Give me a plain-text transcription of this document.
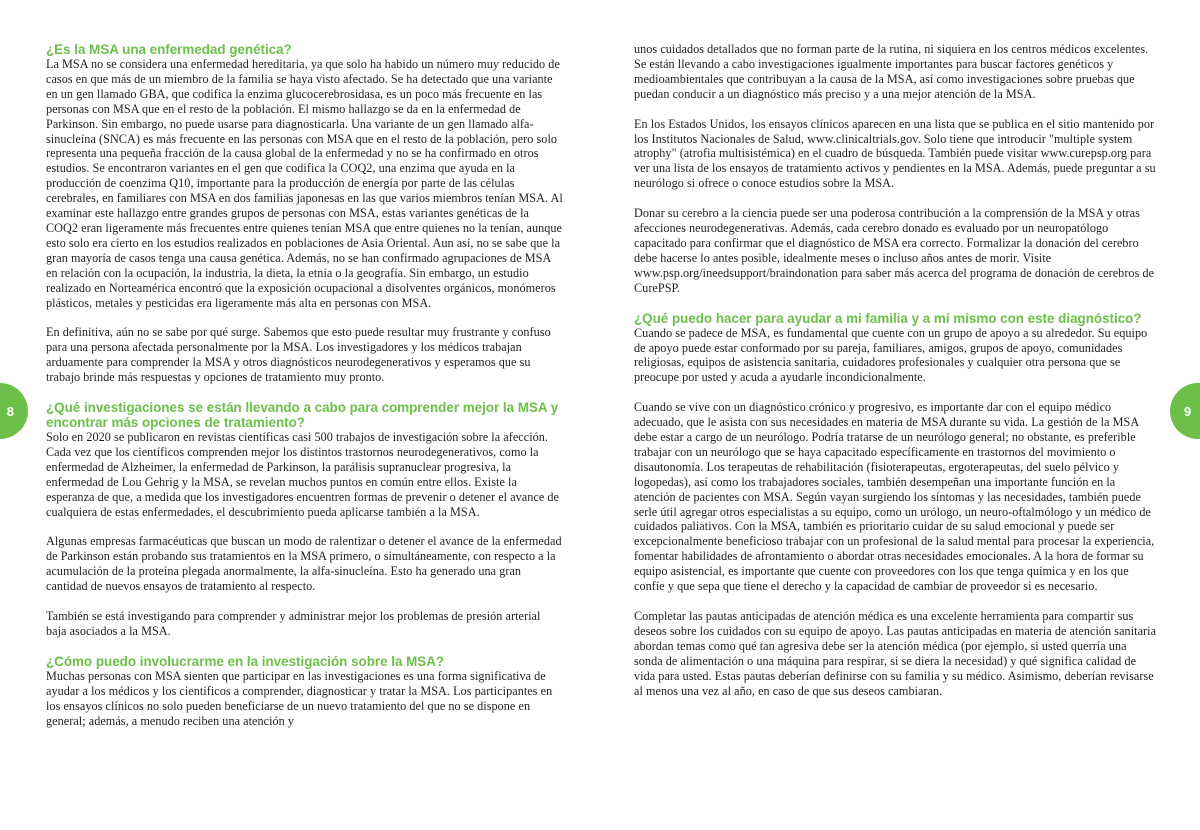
8	9
¿Es la MSA una enfermedad genética?

La MSA no se considera una enfermedad hereditaria, ya que solo ha habido un número muy reducido de casos en que más de un miembro de la familia se haya visto afectado. Se ha detectado que una variante en un gen llamado GBA, que codifica la enzima glucocerebrosidasa, es un poco más frecuente en las personas con MSA que en el resto de la población. El mismo hallazgo se da en la enfermedad de Parkinson. Sin embargo, no puede usarse para diagnosticarla. Una variante de un gen llamado alfa-sinucleína (SNCA) es más frecuente en las personas con MSA que en el resto de la población, pero solo representa una pequeña fracción de la causa global de la enfermedad y no se ha confirmado en otros estudios. Se encontraron variantes en el gen que codifica la COQ2, una enzima que ayuda en la producción de coenzima Q10, importante para la producción de energía por parte de las células cerebrales, en familiares con MSA en dos familias japonesas en las que varios miembros tenían MSA. Al examinar este hallazgo entre grandes grupos de personas con MSA, estas variantes genéticas de la COQ2 eran ligeramente más frecuentes entre quienes tenían MSA que entre quienes no la tenían, aunque esto solo era cierto en los estudios realizados en poblaciones de Asia Oriental. Aun así, no se sabe que la gran mayoría de casos tenga una causa genética. Además, no se han confirmado agrupaciones de MSA en relación con la ocupación, la industria, la dieta, la etnia o la geografía. Sin embargo, un estudio realizado en Norteamérica encontró que la exposición ocupacional a disolventes orgánicos, monómeros plásticos, metales y pesticidas era ligeramente más alta en personas con MSA.

En definitiva, aún no se sabe por qué surge. Sabemos que esto puede resultar muy frustrante y confuso para una persona afectada personalmente por la MSA. Los investigadores y los médicos trabajan arduamente para comprender la MSA y otros diagnósticos neurodegenerativos y esperamos que su trabajo brinde más respuestas y opciones de tratamiento muy pronto.

¿Qué investigaciones se están llevando a cabo para comprender mejor la MSA y encontrar más opciones de tratamiento?

Solo en 2020 se publicaron en revistas científicas casi 500 trabajos de investigación sobre la afección. Cada vez que los científicos comprenden mejor los distintos trastornos neurodegenerativos, como la enfermedad de Alzheimer, la enfermedad de Parkinson, la parálisis supranuclear progresiva, la enfermedad de Lou Gehrig y la MSA, se revelan muchos puntos en común entre ellos. Existe la esperanza de que, a medida que los investigadores encuentren formas de prevenir o detener el avance de cualquiera de estas enfermedades, el descubrimiento pueda aplicarse también a la MSA.

Algunas empresas farmacéuticas que buscan un modo de ralentizar o detener el avance de la enfermedad de Parkinson están probando sus tratamientos en la MSA primero, o simultáneamente, con respecto a la acumulación de la proteína plegada anormalmente, la alfa-sinucleína. Esto ha generado una gran cantidad de nuevos ensayos de tratamiento al respecto.

También se está investigando para comprender y administrar mejor los problemas de presión arterial baja asociados a la MSA.

¿Cómo puedo involucrarme en la investigación sobre la MSA?

Muchas personas con MSA sienten que participar en las investigaciones es una forma significativa de ayudar a los médicos y los científicos a comprender, diagnosticar y tratar la MSA. Los participantes en los ensayos clínicos no solo pueden beneficiarse de un nuevo tratamiento del que no se dispone en general; además, a menudo reciben una atención y

unos cuidados detallados que no forman parte de la rutina, ni siquiera en los centros médicos excelentes. Se están llevando a cabo investigaciones igualmente importantes para buscar factores genéticos y medioambientales que contribuyan a la causa de la MSA, así como investigaciones sobre pruebas que puedan conducir a un diagnóstico más preciso y a una mejor atención de la MSA.

En los Estados Unidos, los ensayos clínicos aparecen en una lista que se publica en el sitio mantenido por los Institutos Nacionales de Salud, www.clinicaltrials.gov. Solo tiene que introducir "multiple system atrophy" (atrofia multisistémica) en el cuadro de búsqueda. También puede visitar www.curepsp.org para ver una lista de los ensayos de tratamiento activos y pendientes en la MSA. Además, puede preguntar a su neurólogo si ofrece o conoce estudios sobre la MSA.

Donar su cerebro a la ciencia puede ser una poderosa contribución a la comprensión de la MSA y otras afecciones neurodegenerativas. Además, cada cerebro donado es evaluado por un neuropatólogo capacitado para confirmar que el diagnóstico de MSA era correcto. Formalizar la donación del cerebro debe hacerse lo antes posible, idealmente meses o incluso años antes de morir. Visite www.psp.org/ineedsupport/braindonation para saber más acerca del programa de donación de cerebros de CurePSP.

¿Qué puedo hacer para ayudar a mi familia y a mí mismo con este diagnóstico?

Cuando se padece de MSA, es fundamental que cuente con un grupo de apoyo a su alrededor. Su equipo de apoyo puede estar conformado por su pareja, familiares, amigos, grupos de apoyo, comunidades religiosas, equipos de asistencia sanitaria, cuidadores profesionales y cualquier otra persona que se preocupe por usted y acuda a ayudarle incondicionalmente.

Cuando se vive con un diagnóstico crónico y progresivo, es importante dar con el equipo médico adecuado, que le asista con sus necesidades en materia de MSA durante su vida. La gestión de la MSA debe estar a cargo de un neurólogo. Podría tratarse de un neurólogo general; no obstante, es preferible trabajar con un neurólogo que se haya capacitado específicamente en trastornos del movimiento o disautonomía. Los terapeutas de rehabilitación (fisioterapeutas, ergoterapeutas, del suelo pélvico y logopedas), así como los trabajadores sociales, también desempeñan una importante función en la atención de pacientes con MSA. Según vayan surgiendo los síntomas y las necesidades, también puede serle útil agregar otros especialistas a su equipo, como un urólogo, un neuro-oftalmólogo y un médico de cuidados paliativos. Con la MSA, también es prioritario cuidar de su salud emocional y puede ser excepcionalmente beneficioso trabajar con un profesional de la salud mental para procesar la experiencia, fomentar habilidades de afrontamiento o abordar otras necesidades emocionales. A la hora de formar su equipo asistencial, es importante que cuente con proveedores con los que tenga química y en los que confíe y que sepa que tiene el derecho y la capacidad de cambiar de proveedor si es necesario.

Completar las pautas anticipadas de atención médica es una excelente herramienta para compartir sus deseos sobre los cuidados con su equipo de apoyo. Las pautas anticipadas en materia de atención sanitaria abordan temas como qué tan agresiva debe ser la atención médica (por ejemplo, si usted querría una sonda de alimentación o una máquina para respirar, si se diera la necesidad) y qué significa calidad de vida para usted. Estas pautas deberían definirse con su familia y su médico. Asimismo, deberían revisarse al menos una vez al año, en caso de que sus deseos cambiaran.
